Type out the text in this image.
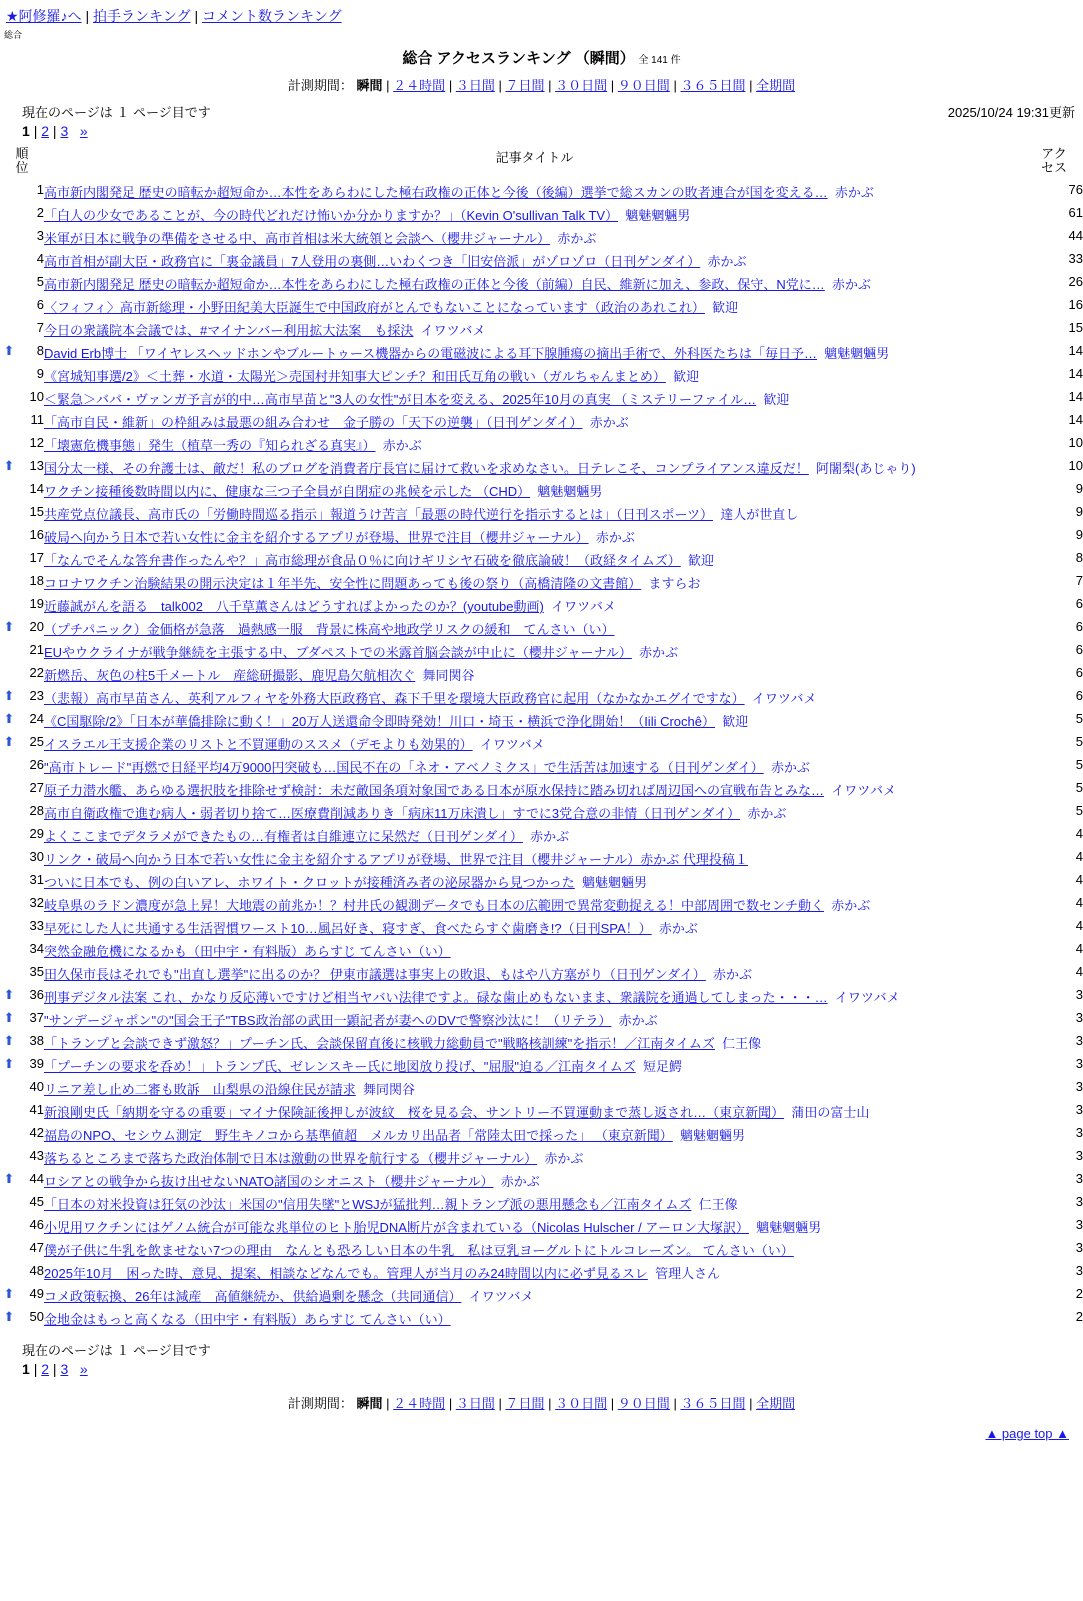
★阿修羅♪へ | 拍手ランキング | コメント数ランキング
総合
総合 アクセスランキング （瞬間） 全 141 件
計測期間： 瞬間 | ２４時間 | ３日間 | ７日間 | ３０日間 | ９０日間 | ３６５日間 | 全期間
現在のページは １ ページ目です	2025/10/24 19:31更新
1 | 2 | 3 »
順
位		記事タイトル	アク
セス
	1	高市新内閣発足 歴史の暗転か超短命か…本性をあらわにした極右政権の正体と今後（後編）選挙で総スカンの敗者連合が国を変える… 赤かぶ	76
	2	「白人の少女であることが、今の時代どれだけ怖いか分かりますか？」（Kevin O'sullivan Talk TV） 魑魅魍魎男	61
	3	米軍が日本に戦争の準備をさせる中、高市首相は米大統領と会談へ（櫻井ジャーナル） 赤かぶ	44
	4	高市首相が副大臣・政務官に「裏金議員」7人登用の裏側…いわくつき「旧安倍派」がゾロゾロ（日刊ゲンダイ） 赤かぶ	33
	5	高市新内閣発足 歴史の暗転か超短命か…本性をあらわにした極右政権の正体と今後（前編）自民、維新に加え、参政、保守、N党に… 赤かぶ	26
	6	〈フィフィ〉高市新総理・小野田紀美大臣誕生で中国政府がとんでもないことになっています（政治のあれこれ） 歓迎	16
	7	今日の衆議院本会議では、#マイナンバー利用拡大法案　も採決 イワツバメ	15
⬆	8	David Erb博士 「ワイヤレスヘッドホンやブルートゥース機器からの電磁波による耳下腺腫瘍の摘出手術で、外科医たちは「毎日予… 魑魅魍魎男	14
	9	《宮城知事選/2》＜土葬・水道・太陽光＞売国村井知事大ピンチ？和田氏互角の戦い（ガルちゃんまとめ） 歓迎	14
	10	＜緊急＞ババ・ヴァンガ予言が的中…高市早苗と"3人の女性"が日本を変える、2025年10月の真実 （ミステリーファイル… 歓迎	14
	11	「高市自民・維新」の枠組みは最悪の組み合わせ　金子勝の「天下の逆襲」（日刊ゲンダイ） 赤かぶ	14
	12	「壊憲危機事態」発生（植草一秀の『知られざる真実』） 赤かぶ	10
⬆	13	国分太一様、その弁護士は、敵だ！私のブログを消費者庁長官に届けて救いを求めなさい。日テレこそ、コンプライアンス違反だ！ 阿闍梨(あじゃり)	10
	14	ワクチン接種後数時間以内に、健康な三つ子全員が自閉症の兆候を示した （CHD） 魑魅魍魎男	9
	15	共産党点位議長、高市氏の「労働時間巡る指示」報道うけ苦言「最悪の時代逆行を指示するとは」（日刊スポーツ） 達人が世直し	9
	16	破局へ向かう日本で若い女性に金主を紹介するアプリが登場、世界で注目（櫻井ジャーナル） 赤かぶ	9
	17	「なんでそんな答弁書作ったんや？」高市総理が食品０％に向けギリシヤ石破を徹底論破！（政経タイムズ） 歓迎	8
	18	コロナワクチン治験結果の開示決定は１年半先、安全性に問題あっても後の祭り（高橋清隆の文書館） ますらお	7
	19	近藤誠がんを語る　talk002　八千草薫さんはどうすればよかったのか？(youtube動画) イワツバメ	6
⬆	20	（プチパニック）金価格が急落　過熱感一服　背景に株高や地政学リスクの緩和　てんさい（い）	6
	21	EUやウクライナが戦争継続を主張する中、ブダペストでの米露首脳会談が中止に（櫻井ジャーナル） 赤かぶ	6
	22	新燃岳、灰色の柱5千メートル　産総研撮影、鹿児島欠航相次ぐ 舞同関谷	6
⬆	23	（悲報）高市早苗さん、英利アルフィヤを外務大臣政務官、森下千里を環境大臣政務官に起用（なかなかエグイですな） イワツバメ	6
⬆	24	《C国駆除/2》「日本が華僑排除に動く！」20万人送還命令即時発効！川口・埼玉・横浜で浄化開始！（Iili Crochê） 歓迎	5
⬆	25	イスラエル王支援企業のリストと不買運動のススメ（デモよりも効果的） イワツバメ	5
	26	"高市トレード"再燃で日経平均4万9000円突破も…国民不在の「ネオ・アベノミクス」で生活苦は加速する（日刊ゲンダイ） 赤かぶ	5
	27	原子力潜水艦、あらゆる選択肢を排除せず検討：未だ敵国条項対象国である日本が原水保持に踏み切れば周辺国への宣戦布告とみな… イワツバメ	5
	28	高市自衛政権で進む病人・弱者切り捨て…医療費削減ありき「病床11万床潰し」すでに3党合意の非情（日刊ゲンダイ） 赤かぶ	5
	29	よくここまでデタラメができたもの…有権者は自維連立に呆然だ（日刊ゲンダイ） 赤かぶ	4
	30	リンク・破局へ向かう日本で若い女性に金主を紹介するアプリが登場、世界で注目（櫻井ジャーナル）赤かぶ 代理投稿１	4
	31	ついに日本でも、例の白いアレ、ホワイト・クロットが接種済み者の泌尿器から見つかった 魑魅魍魎男	4
	32	岐阜県のラドン濃度が急上昇！大地震の前兆か！？村井氏の観測データでも日本の広範囲で異常変動捉える！中部周囲で数センチ動く 赤かぶ	4
	33	早死にした人に共通する生活習慣ワースト10…風呂好き、寝すぎ、食べたらすぐ歯磨き!?（日刊SPA！） 赤かぶ	4
	34	突然金融危機になるかも（田中宇・有料版）あらすじ てんさい（い）	4
	35	田久保市長はそれでも"出直し選挙"に出るのか？ 伊東市議選は事実上の敗退、もはや八方塞がり（日刊ゲンダイ） 赤かぶ	4
⬆	36	刑事デジタル法案 これ、かなり反応薄いですけど相当ヤバい法律ですよ。碌な歯止めもないまま、衆議院を通過してしまった・・・… イワツバメ	3
⬆	37	"サンデージャポン"の"国会王子"TBS政治部の武田一顕記者が妻へのDVで警察沙汰に！（リテラ） 赤かぶ	3
⬆	38	「トランプと会談できず激怒？」プーチン氏、会談保留直後に核戦力総動員で"戦略核訓練"を指示！／江南タイムズ 仁王像	3
⬆	39	「プーチンの要求を呑め！」トランプ氏、ゼレンスキー氏に地図放り投げ、"屈服"迫る／江南タイムズ 短足鰐	3
	40	リニア差し止め二審も敗訴　山梨県の沿線住民が請求 舞同関谷	3
	41	新浪剛史氏「納期を守るの重要」マイナ保険証後押しが波紋　桜を見る会、サントリー不買運動まで蒸し返され…（東京新聞） 蒲田の富士山	3
	42	福島のNPO、セシウム測定　野生キノコから基準値超　メルカリ出品者「常陸太田で採った」 （東京新聞） 魑魅魍魎男	3
	43	落ちるところまで落ちた政治体制で日本は激動の世界を航行する（櫻井ジャーナル） 赤かぶ	3
⬆	44	ロシアとの戦争から抜け出せないNATO諸国のシオニスト（櫻井ジャーナル） 赤かぶ	3
	45	「日本の対米投資は狂気の沙汰」米国の"信用失墜"とWSJが猛批判…親トランプ派の悪用懸念も／江南タイムズ 仁王像	3
	46	小児用ワクチンにはゲノム統合が可能な兆単位のヒト胎児DNA断片が含まれている（Nicolas Hulscher / アーロン大塚訳） 魑魅魍魎男	3
	47	僕が子供に牛乳を飲ませない7つの理由　なんとも恐ろしい日本の牛乳　私は豆乳ヨーグルトにトルコレーズン。 てんさい（い）	3
	48	2025年10月　困った時、意見、提案、相談などなんでも。管理人が当月のみ24時間以内に必ず見るスレ 管理人さん	3
⬆	49	コメ政策転換、26年は減産　高値継続か、供給過剰を懸念（共同通信） イワツバメ	2
⬆	50	金地金はもっと高くなる（田中宇・有料版）あらすじ てんさい（い）	2
現在のページは １ ページ目です
1 | 2 | 3 »
計測期間： 瞬間 | ２４時間 | ３日間 | ７日間 | ３０日間 | ９０日間 | ３６５日間 | 全期間
▲ page top ▲
